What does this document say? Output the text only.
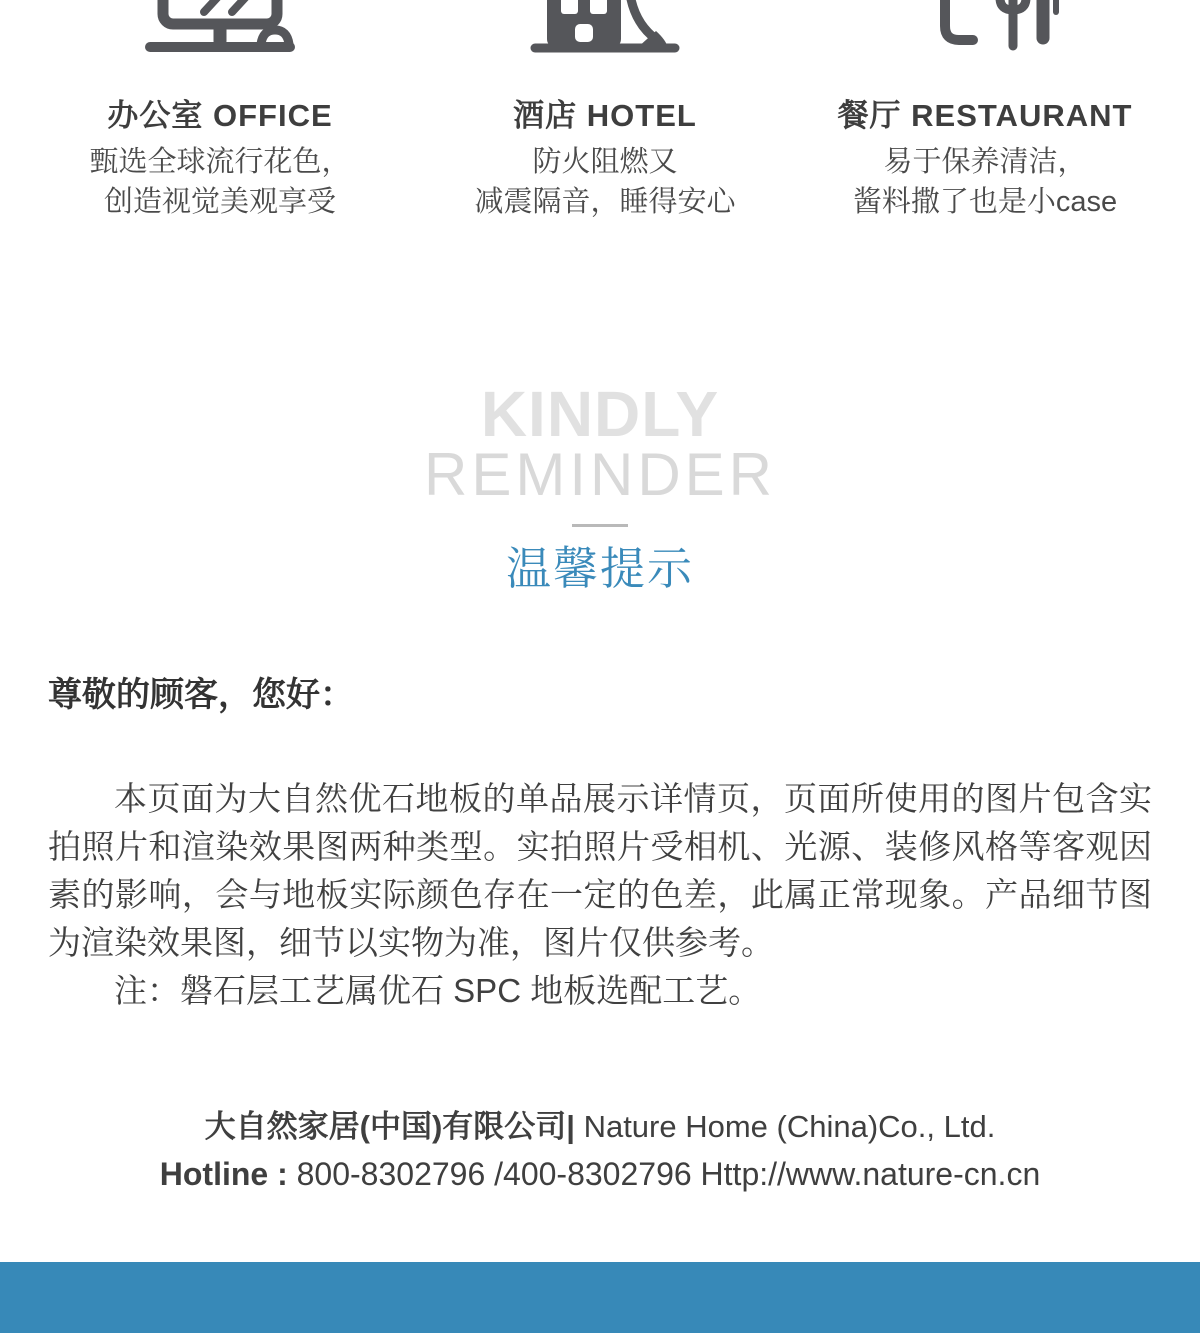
办公室 OFFICE
甄选全球流行花色，
创造视觉美观享受
酒店 HOTEL
防火阻燃又
减震隔音，睡得安心
餐厅 RESTAURANT
易于保养清洁，
酱料撒了也是小case
KINDLY
REMINDER
温馨提示
尊敬的顾客，您好：

本页面为大自然优石地板的单品展示详情页，页面所使用的图片包含实拍照片和渲染效果图两种类型。实拍照片受相机、光源、装修风格等客观因素的影响，会与地板实际颜色存在一定的色差，此属正常现象。产品细节图为渲染效果图，细节以实物为准，图片仅供参考。

注：磐石层工艺属优石 SPC 地板选配工艺。

大自然家居(中国)有限公司| Nature Home (China)Co., Ltd.
Hotline : 800-8302796 /400-8302796 Http://www.nature-cn.cn
